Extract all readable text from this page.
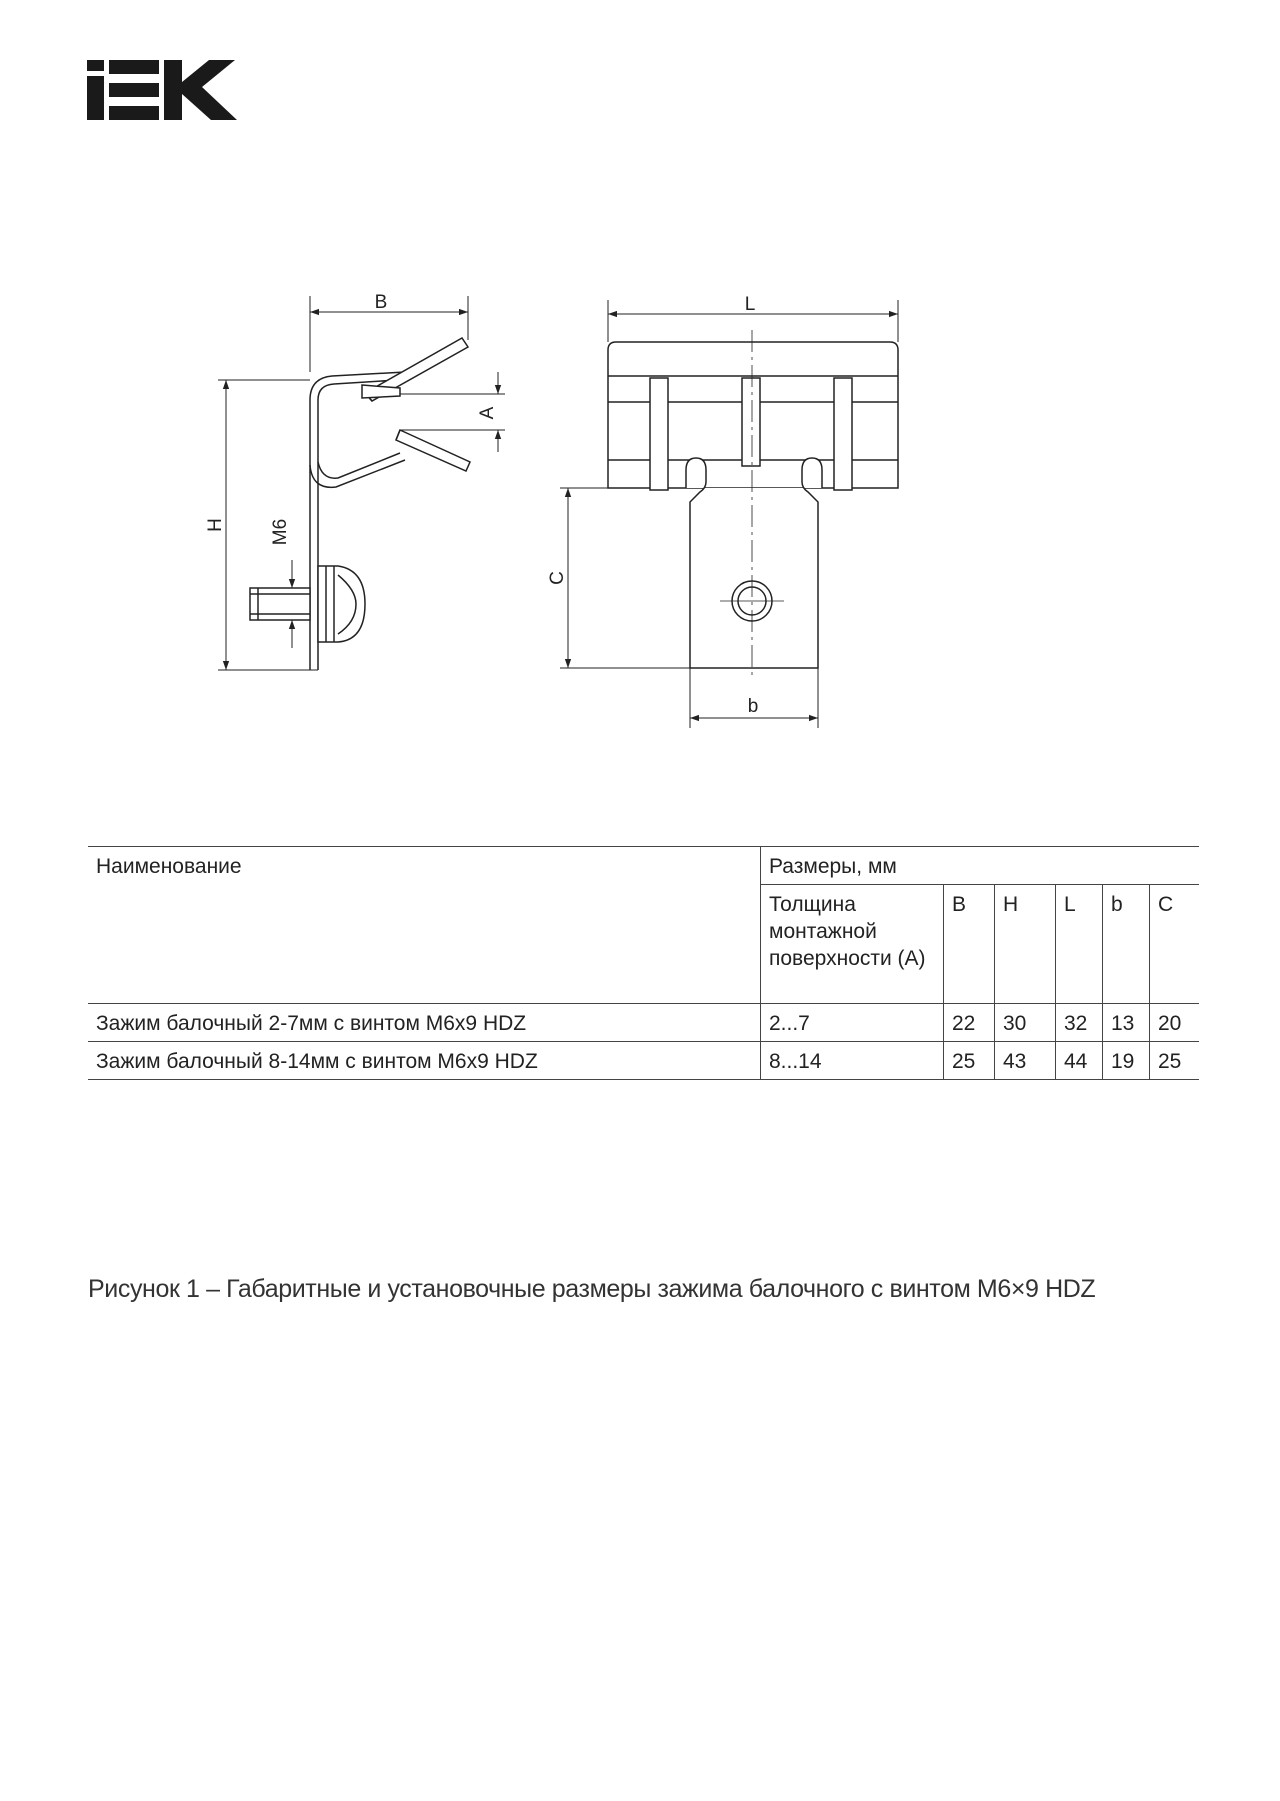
B	L
A
H M6
C
b
Наименование	Размеры, мм					
	Толщина монтажной поверхности (А)	B	H	L	b	C
Зажим балочный 2-7мм с винтом М6х9 HDZ	2...7	22	30	32	13	20
Зажим балочный 8-14мм с винтом М6х9 HDZ	8...14	25	43	44	19	25
Рисунок 1 – Габаритные и установочные размеры зажима балочного с винтом М6×9 HDZ
